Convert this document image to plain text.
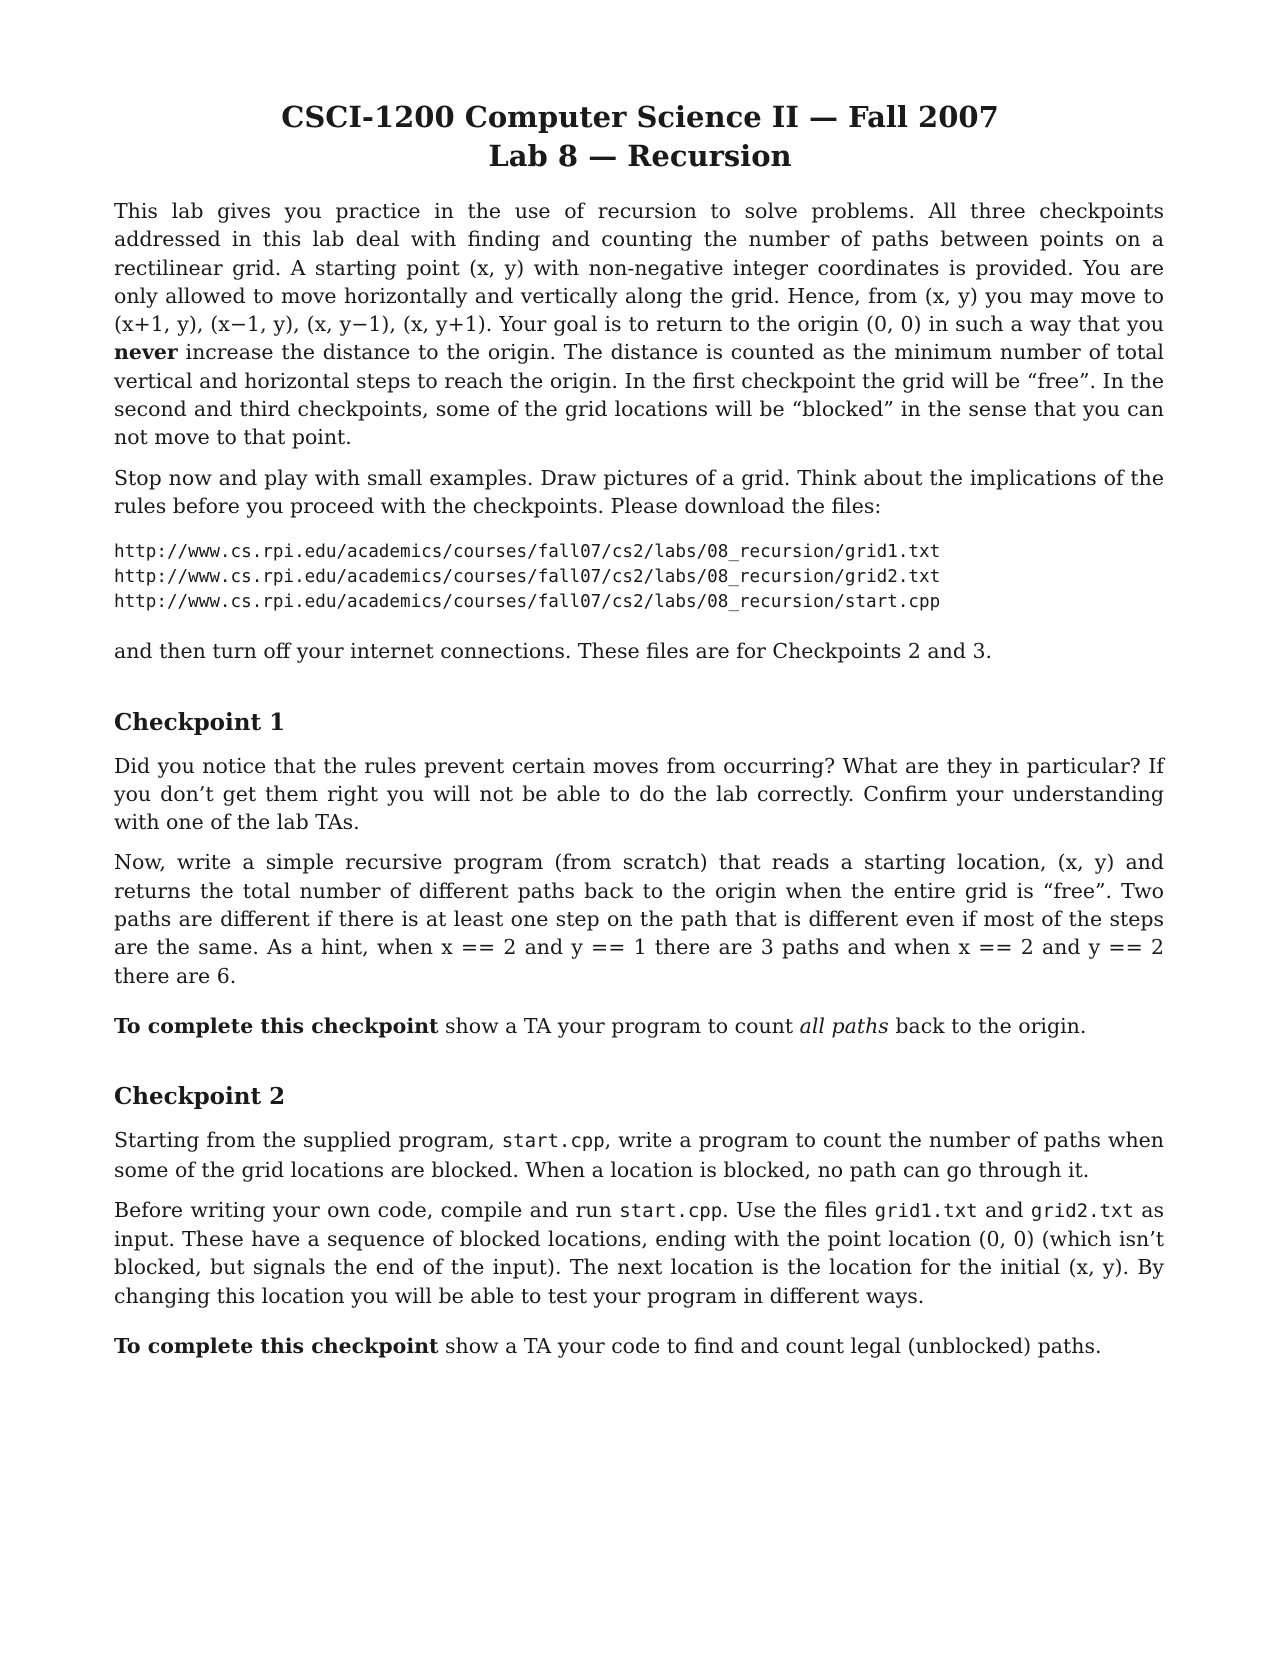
CSCI-1200 Computer Science II — Fall 2007
Lab 8 — Recursion

This lab gives you practice in the use of recursion to solve problems. All three checkpoints addressed in this lab deal with finding and counting the number of paths between points on a rectilinear grid. A starting point (x, y) with non-negative integer coordinates is provided. You are only allowed to move horizontally and vertically along the grid. Hence, from (x, y) you may move to (x+1, y), (x−1, y), (x, y−1), (x, y+1). Your goal is to return to the origin (0, 0) in such a way that you never increase the distance to the origin. The distance is counted as the minimum number of total vertical and horizontal steps to reach the origin. In the first checkpoint the grid will be “free”. In the second and third checkpoints, some of the grid locations will be “blocked” in the sense that you can not move to that point.

Stop now and play with small examples. Draw pictures of a grid. Think about the implications of the rules before you proceed with the checkpoints. Please download the files:

http://www.cs.rpi.edu/academics/courses/fall07/cs2/labs/08_recursion/grid1.txt
http://www.cs.rpi.edu/academics/courses/fall07/cs2/labs/08_recursion/grid2.txt
http://www.cs.rpi.edu/academics/courses/fall07/cs2/labs/08_recursion/start.cpp

and then turn off your internet connections. These files are for Checkpoints 2 and 3.

Checkpoint 1

Did you notice that the rules prevent certain moves from occurring? What are they in particular? If you don’t get them right you will not be able to do the lab correctly. Confirm your understanding with one of the lab TAs.

Now, write a simple recursive program (from scratch) that reads a starting location, (x, y) and returns the total number of different paths back to the origin when the entire grid is “free”. Two paths are different if there is at least one step on the path that is different even if most of the steps are the same. As a hint, when x == 2 and y == 1 there are 3 paths and when x == 2 and y == 2 there are 6.

To complete this checkpoint show a TA your program to count all paths back to the origin.

Checkpoint 2

Starting from the supplied program, start.cpp, write a program to count the number of paths when some of the grid locations are blocked. When a location is blocked, no path can go through it.

Before writing your own code, compile and run start.cpp. Use the files grid1.txt and grid2.txt as input. These have a sequence of blocked locations, ending with the point location (0, 0) (which isn’t blocked, but signals the end of the input). The next location is the location for the initial (x, y). By changing this location you will be able to test your program in different ways.

To complete this checkpoint show a TA your code to find and count legal (unblocked) paths.
